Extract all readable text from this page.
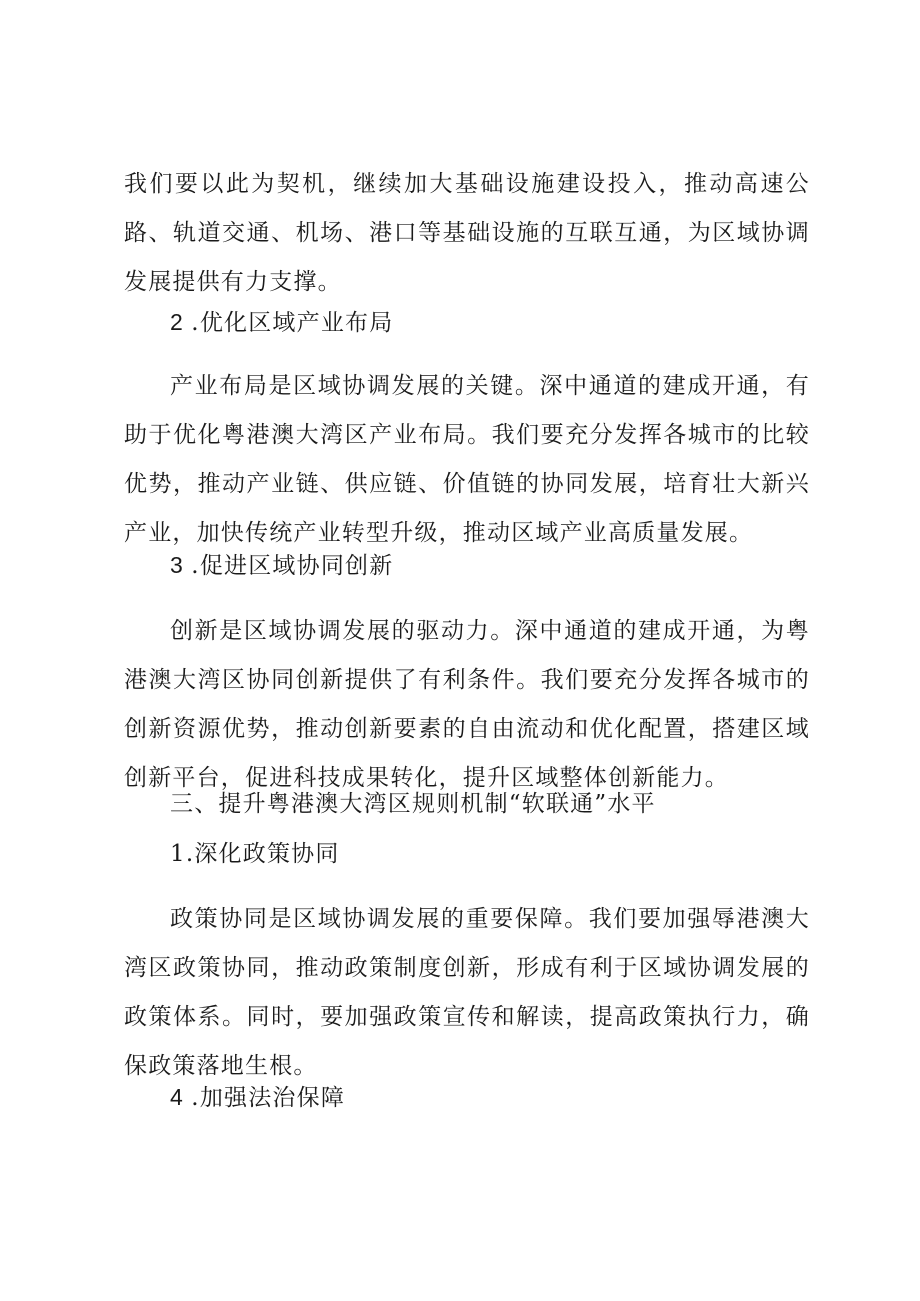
我们要以此为契机，继续加大基础设施建设投入，推动高速公路、轨道交通、机场、港口等基础设施的互联互通，为区域协调发展提供有力支撑。

2 .优化区域产业布局

产业布局是区域协调发展的关键。深中通道的建成开通，有助于优化粤港澳大湾区产业布局。我们要充分发挥各城市的比较优势，推动产业链、供应链、价值链的协同发展，培育壮大新兴产业，加快传统产业转型升级，推动区域产业高质量发展。

3 .促进区域协同创新

创新是区域协调发展的驱动力。深中通道的建成开通，为粤港澳大湾区协同创新提供了有利条件。我们要充分发挥各城市的创新资源优势，推动创新要素的自由流动和优化配置，搭建区域创新平台，促进科技成果转化，提升区域整体创新能力。

三、提升粤港澳大湾区规则机制“软联通”水平

1.深化政策协同

政策协同是区域协调发展的重要保障。我们要加强辱港澳大湾区政策协同，推动政策制度创新，形成有利于区域协调发展的政策体系。同时，要加强政策宣传和解读，提高政策执行力，确保政策落地生根。

4 .加强法治保障
